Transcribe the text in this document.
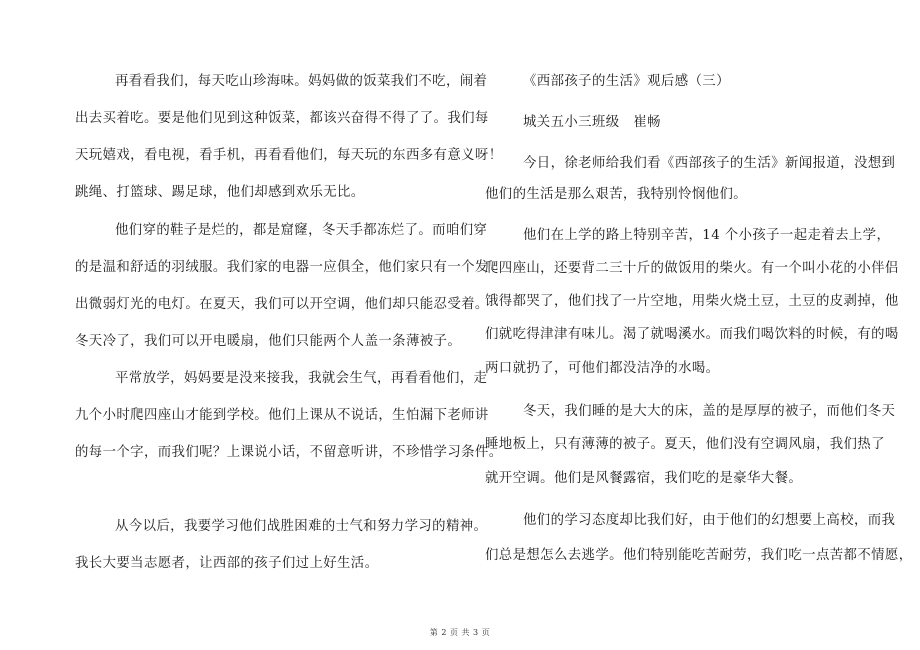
再看看我们，每天吃山珍海味。妈妈做的饭菜我们不吃，闹着
出去买着吃。要是他们见到这种饭菜，都该兴奋得不得了了。我们每
天玩嬉戏，看电视，看手机，再看看他们，每天玩的东西多有意义呀！
跳绳、打篮球、踢足球，他们却感到欢乐无比。
他们穿的鞋子是烂的，都是窟窿，冬天手都冻烂了。而咱们穿
的是温和舒适的羽绒服。我们家的电器一应俱全，他们家只有一个发
出微弱灯光的电灯。在夏天，我们可以开空调，他们却只能忍受着。
冬天冷了，我们可以开电暖扇，他们只能两个人盖一条薄被子。
平常放学，妈妈要是没来接我，我就会生气，再看看他们，走
九个小时爬四座山才能到学校。他们上课从不说话，生怕漏下老师讲
的每一个字，而我们呢？上课说小话，不留意听讲，不珍惜学习条件。
从今以后，我要学习他们战胜困难的士气和努力学习的精神。
我长大要当志愿者，让西部的孩子们过上好生活。
《西部孩子的生活》观后感（三）
城关五小三班级　崔畅
今日，徐老师给我们看《西部孩子的生活》新闻报道，没想到
他们的生活是那么艰苦，我特别怜悯他们。
他们在上学的路上特别辛苦，14 个小孩子一起走着去上学，
爬四座山，还要背二三十斤的做饭用的柴火。有一个叫小花的小伴侣
饿得都哭了，他们找了一片空地，用柴火烧土豆，土豆的皮剥掉，他
们就吃得津津有味儿。渴了就喝溪水。而我们喝饮料的时候，有的喝
两口就扔了，可他们都没洁净的水喝。
冬天，我们睡的是大大的床，盖的是厚厚的被子，而他们冬天
睡地板上，只有薄薄的被子。夏天，他们没有空调风扇，我们热了
就开空调。他们是风餐露宿，我们吃的是豪华大餐。
他们的学习态度却比我们好，由于他们的幻想要上高校，而我
们总是想怎么去逃学。他们特别能吃苦耐劳，我们吃一点苦都不情愿，
第 2 页 共 3 页
